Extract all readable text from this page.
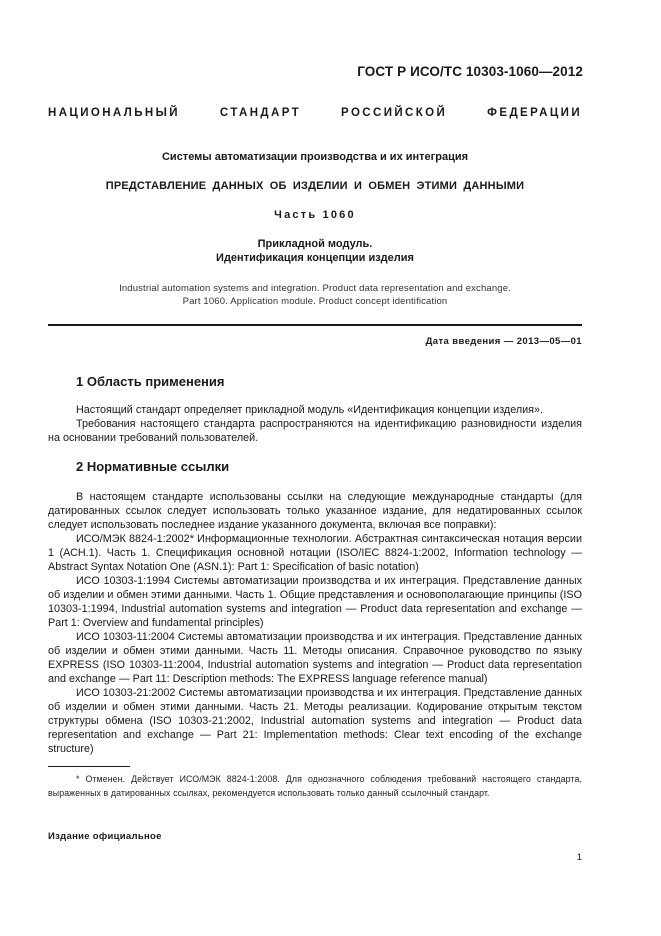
ГОСТ Р ИСО/ТС 10303-1060—2012
НАЦИОНАЛЬНЫЙ СТАНДАРТ РОССИЙСКОЙ ФЕДЕРАЦИИ
Системы автоматизации производства и их интеграция
ПРЕДСТАВЛЕНИЕ ДАННЫХ ОБ ИЗДЕЛИИ И ОБМЕН ЭТИМИ ДАННЫМИ
Часть 1060
Прикладной модуль.
Идентификация концепции изделия
Industrial automation systems and integration. Product data representation and exchange.
Part 1060. Application module. Product concept identification
Дата введения — 2013—05—01
1 Область применения

Настоящий стандарт определяет прикладной модуль «Идентификация концепции изделия».

Требования настоящего стандарта распространяются на идентификацию разновидности изделия на основании требований пользователей.

2 Нормативные ссылки

В настоящем стандарте использованы ссылки на следующие международные стандарты (для датированных ссылок следует использовать только указанное издание, для недатированных ссылок следует использовать последнее издание указанного документа, включая все поправки):

ИСО/МЭК 8824-1:2002* Информационные технологии. Абстрактная синтаксическая нотация версии 1 (АСН.1). Часть 1. Спецификация основной нотации (ISO/IEC 8824-1:2002, Information technology — Abstract Syntax Notation One (ASN.1): Part 1: Specification of basic notation)

ИСО 10303-1:1994 Системы автоматизации производства и их интеграция. Представление данных об изделии и обмен этими данными. Часть 1. Общие представления и основополагающие принципы (ISO 10303-1:1994, Industrial automation systems and integration — Product data representation and exchange — Part 1: Overview and fundamental principles)

ИСО 10303-11:2004 Системы автоматизации производства и их интеграция. Представление данных об изделии и обмен этими данными. Часть 11. Методы описания. Справочное руководство по языку EXPRESS (ISO 10303-11:2004, Industrial automation systems and integration — Product data representation and exchange — Part 11: Description methods: The EXPRESS language reference manual)

ИСО 10303-21:2002 Системы автоматизации производства и их интеграция. Представление данных об изделии и обмен этими данными. Часть 21. Методы реализации. Кодирование открытым текстом структуры обмена (ISO 10303-21:2002, Industrial automation systems and integration — Product data representation and exchange — Part 21: Implementation methods: Clear text encoding of the exchange structure)

* Отменен. Действует ИСО/МЭК 8824-1:2008. Для однозначного соблюдения требований настоящего стандарта, выраженных в датированных ссылках, рекомендуется использовать только данный ссылочный стандарт.

Издание официальное
1
